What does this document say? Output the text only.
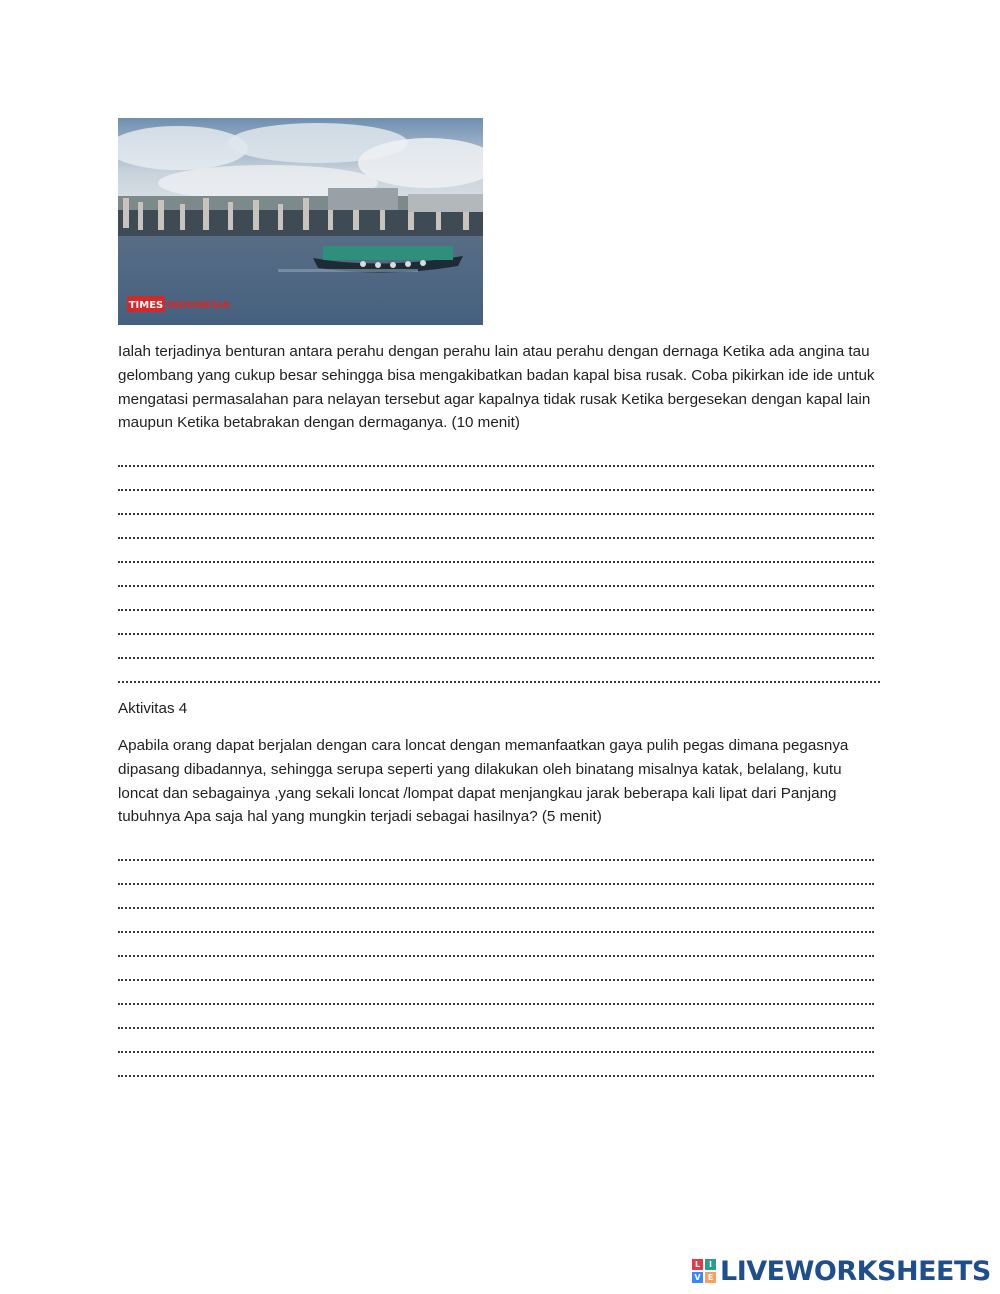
TIMES INDONESIA

Ialah terjadinya benturan antara perahu dengan perahu lain atau perahu dengan dernaga Ketika ada angina tau gelombang yang cukup besar sehingga bisa mengakibatkan badan kapal bisa rusak. Coba pikirkan ide ide untuk mengatasi permasalahan para nelayan tersebut agar kapalnya tidak rusak Ketika bergesekan dengan kapal lain maupun Ketika betabrakan dengan dermaganya. (10 menit)

Aktivitas 4

Apabila orang dapat berjalan dengan cara loncat dengan memanfaatkan gaya pulih pegas dimana pegasnya dipasang dibadannya, sehingga serupa seperti yang dilakukan oleh binatang misalnya katak, belalang, kutu loncat dan sebagainya ,yang sekali loncat /lompat dapat menjangkau jarak beberapa kali lipat dari Panjang tubuhnya Apa saja hal yang mungkin terjadi sebagai hasilnya? (5 menit)

L	I
V E LIVEWORKSHEETS
